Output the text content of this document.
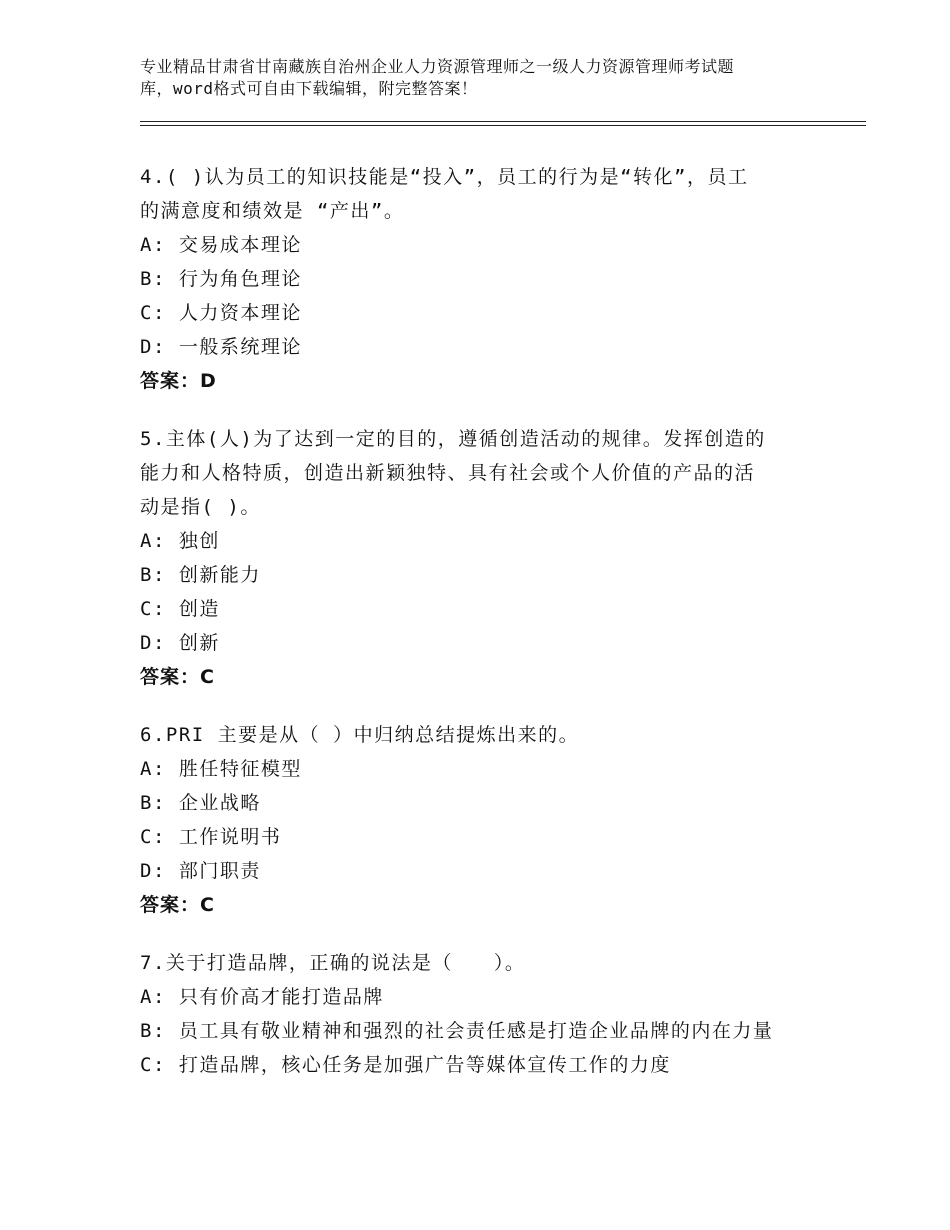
专业精品甘肃省甘南藏族自治州企业人力资源管理师之一级人力资源管理师考试题
库，word格式可自由下载编辑，附完整答案！

4.( )认为员工的知识技能是“投入”，员工的行为是“转化”，员工

的满意度和绩效是 “产出”。

A: 交易成本理论

B: 行为角色理论

C: 人力资本理论

D: 一般系统理论

答案：D

5.主体(人)为了达到一定的目的，遵循创造活动的规律。发挥创造的

能力和人格特质，创造出新颖独特、具有社会或个人价值的产品的活

动是指( )。

A: 独创

B: 创新能力

C: 创造

D: 创新

答案：C

6.PRI 主要是从（ ）中归纳总结提炼出来的。

A: 胜任特征模型

B: 企业战略

C: 工作说明书

D: 部门职责

答案：C

7.关于打造品牌，正确的说法是（　　）。

A: 只有价高才能打造品牌

B: 员工具有敬业精神和强烈的社会责任感是打造企业品牌的内在力量

C: 打造品牌，核心任务是加强广告等媒体宣传工作的力度
